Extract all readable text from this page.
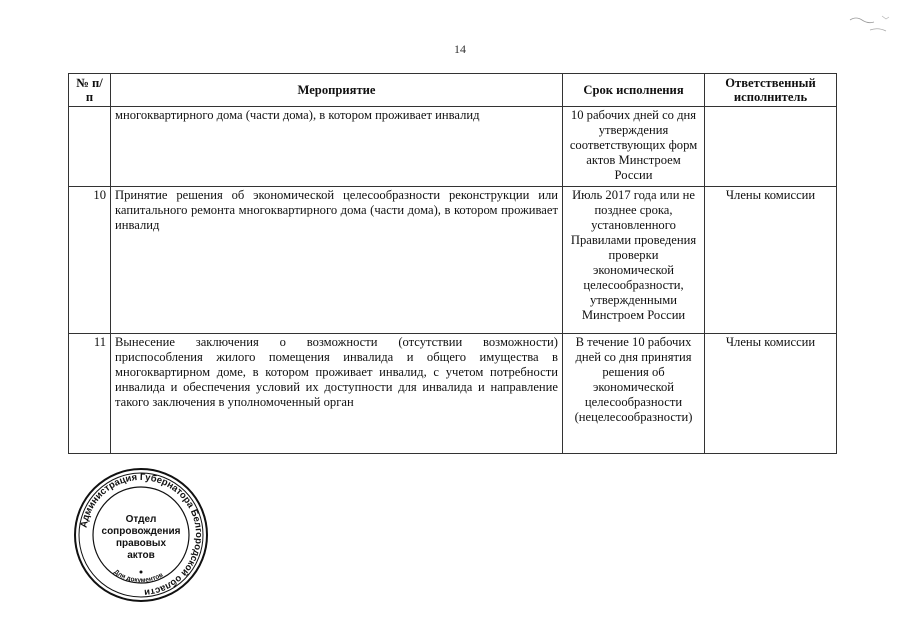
14
№ п/п	Мероприятие	Срок исполнения	Ответственный исполнитель
	многоквартирного дома (части дома), в котором проживает инвалид	10 рабочих дней со дня утверждения соответствующих форм актов Минстроем России	
10	Принятие решения об экономической целесообразности реконструкции или капитального ремонта многоквартирного дома (части дома), в котором проживает инвалид	Июль 2017 года или не позднее срока, установленного Правилами проведения проверки экономической целесообразности, утвержденными Минстроем России	Члены комиссии
11	Вынесение заключения о возможности (отсутствии возможности) приспособления жилого помещения инвалида и общего имущества в многоквартирном доме, в котором проживает инвалид, с учетом потребности инвалида и обеспечения условий их доступности для инвалида и направление такого заключения в уполномоченный орган	В течение 10 рабочих дней со дня принятия решения об экономической целесообразности (нецелесообразности)	Члены комиссии
Администрация Губернатора Белгородской области
Для документов
Отдел
сопровождения
правовых
актов
